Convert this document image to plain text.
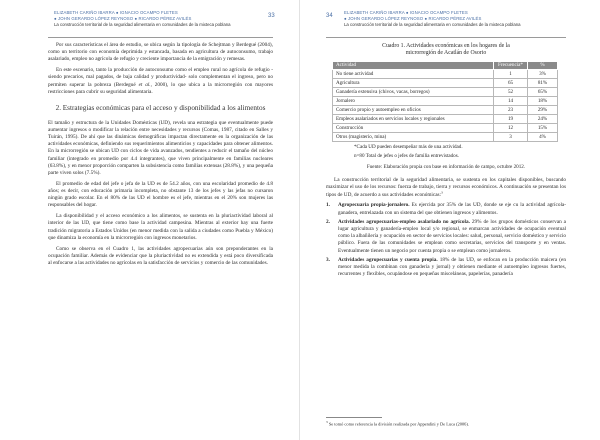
ELIZABETH CARIÑO IBARRA ● IGNACIO OCAMPO FLETES
● JOHN GERARDO LÓPEZ REYNOSO ● RICARDO PÉREZ AVILÉS
La construcción territorial de la seguridad alimentaria en comunidades de la mixteca poblana
33

Por sus características el área de estudio, se ubica según la tipología de Schejtman y Berdegué (2004), como un territorio con economía deprimida y estancada, basada en agricultura de autoconsumo, trabajo asalariado, empleo no agrícola de refugio y creciente importancia de la emigración y remesas.

En este escenario, tanto la producción de autoconsumo como el empleo rural no agrícola de refugio -siendo precarios, mal pagados, de baja calidad y productividad- solo complementan el ingreso, pero no permiten superar la pobreza (Berdegué et al., 2000), lo que ubica a la microrregión con mayores restricciones para cubrir su seguridad alimentaria.

2. Estrategias económicas para el acceso y disponibilidad a los alimentos

El tamaño y estructura de la Unidades Domésticas (UD), revela una estrategia que eventualmente puede aumentar ingresos o modificar la relación entre necesidades y recursos (Comas, 1987, citado en Salles y Tuirán, 1995). De ahí que las dinámicas demográficas impactan directamente en la organización de las actividades económicas, definiendo sus requerimientos alimenticios y capacidades para obtener alimentos. En la microrregión se ubican UD con ciclos de vida avanzados, tendientes a reducir el tamaño del núcleo familiar (integrado en promedio por 4.4 integrantes), que viven principalmente en familias nucleares (63.8%), y en menor proporción comparten la subsistencia como familias extensas (28.8%), y una pequeña parte viven solos (7.5%).

El promedio de edad del jefe o jefa de la UD es de 54.2 años, con una escolaridad promedio de 4.8 años; es decir, con educación primaria incompleta, no obstante 13 de los jefes y las jefas no cursaron ningún grado escolar. En el 80% de las UD el hombre es el jefe, mientras en el 20% son mujeres las responsables del hogar.

La disponibilidad y el acceso económico a los alimentos, se sustenta en la pluriactividad laboral al interior de las UD, que tiene como base la actividad campesina. Mientras al exterior hay una fuerte tradición migratoria a Estados Unidos (en menor medida con la salida a ciudades como Puebla y México) que dinamiza la economía en la microrregión con ingresos monetarios.

Como se observa en el Cuadro 1, las actividades agropecuarias aún son preponderantes en la ocupación familiar. Además de evidenciar que la pluriactividad no es extendida y está poco diversificada al enfocarse a las actividades no agrícolas en la satisfacción de servicios y comercio de las comunidades.

34
ELIZABETH CARIÑO IBARRA ● IGNACIO OCAMPO FLETES
● JOHN GERARDO LÓPEZ REYNOSO ● RICARDO PÉREZ AVILÉS
La construcción territorial de la seguridad alimentaria en comunidades de la mixteca poblana
Cuadro 1. Actividades económicas en los hogares de la
microrregión de Acatlán de Osorio
Actividad	Frecuencia*	%
No tiene actividad	1	3%
Agricultura	65	81%
Ganadería extensiva (chivos, vacas, borregos)	52	65%
Jornalero	14	18%
Comercio propio y autoempleo en oficios	23	29%
Empleos asalariados en servicios locales y regionales	19	24%
Construcción	12	15%
Otros (magisterio, mina)	3	4%
*Cada UD pueden desempeñar más de una actividad.
n=80 Total de jefes o jefes de familia entrevistados.
Fuente: Elaboración propia con base en información de campo, octubre 2012.

La construcción territorial de la seguridad alimentaria, se sustenta en los capitales disponibles, buscando maximizar el uso de los recursos: fuerza de trabajo, tierra y recursos económicos. A continuación se presentan los tipos de UD, de acuerdo a sus actividades económicas:$^3$

1. Agropecuaria propia-jornalero. Es ejercida por 35% de las UD, donde se eje cu la actividad agrícola-ganadera, entrelazada con un sistema del que obtienen ingresos y alimentos.
2. Actividades agropecuarias-empleo asalariado no agrícola. 29% de los grupos domésticos conservan a lugar agricultura y ganadería-empleo local y/o regional, se enmarcan actividades de ocupación eventual como la albañilería y ocupación en sector de servicios locales: salud, personal, servicio doméstico y servicio público. Fuera de las comunidades se emplean como secretarias, servicios del transporte y en ventas. Eventualmente tienen un negocio por cuenta propia o se emplean como jornaleros.
3. Actividades agropecuarias y cuenta propia. 18% de las UD, se enfocan en la producción maicera (en menor medida la combinan con ganadería y jornal) y obtienen mediante el autoempleo ingresos fuertes, recurrentes y flexibles, ocupándose en pequeñas misceláneas, papelerías, panadería
$^3$ Se tomó como referencia la división realizada por Appendini y De Luca (2006).
